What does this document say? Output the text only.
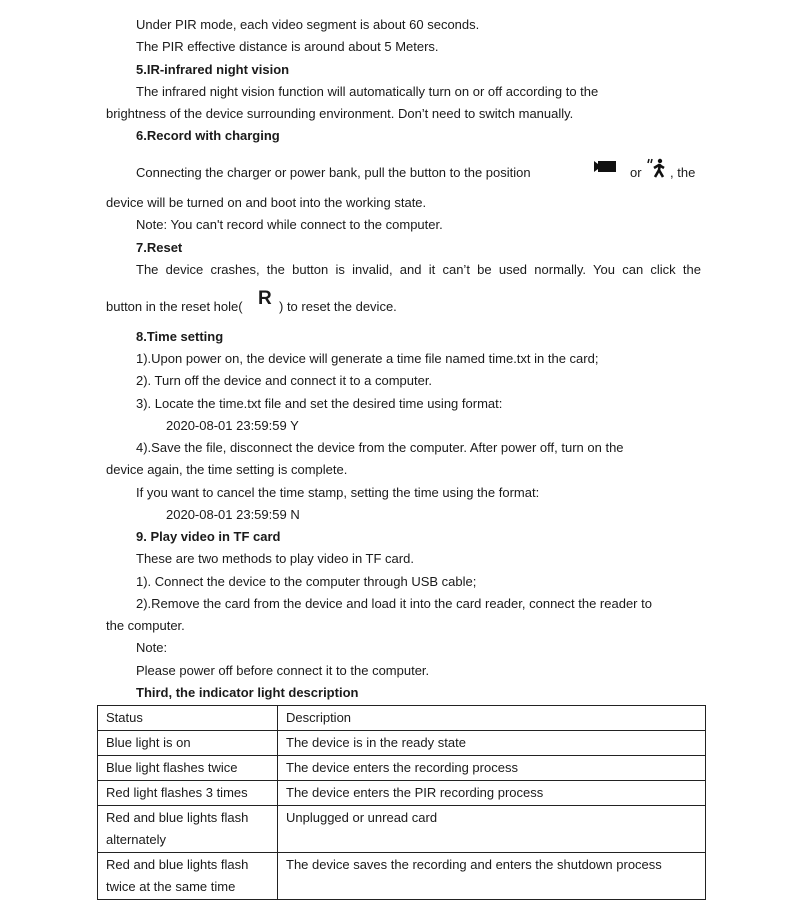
Under PIR mode, each video segment is about 60 seconds.
The PIR effective distance is around about 5 Meters.
5.IR-infrared night vision
The infrared night vision function will automatically turn on or off according to the
brightness of the device surrounding environment. Don’t need to switch manually.
6.Record with charging
Connecting the charger or power bank, pull the button to the position	or , the
device will be turned on and boot into the working state.
Note: You can't record while connect to the computer.
7.Reset
The device crashes, the button is invalid, and it can’t be used normally. You can click the
button in the reset hole( R ) to reset the device.
8.Time setting
1).Upon power on, the device will generate a time file named time.txt in the card;
2). Turn off the device and connect it to a computer.
3). Locate the time.txt file and set the desired time using format:
2020-08-01 23:59:59 Y
4).Save the file, disconnect the device from the computer. After power off, turn on the
device again, the time setting is complete.
If you want to cancel the time stamp, setting the time using the format:
2020-08-01 23:59:59 N
9. Play video in TF card
These are two methods to play video in TF card.
1). Connect the device to the computer through USB cable;
2).Remove the card from the device and load it into the card reader, connect the reader to
the computer.
Note:
Please power off before connect it to the computer.
Third, the indicator light description
Status	Description
Blue light is on	The device is in the ready state
Blue light flashes twice	The device enters the recording process
Red light flashes 3 times	The device enters the PIR recording process
Red and blue lights flash alternately	Unplugged or unread card
Red and blue lights flash twice at the same time	The device saves the recording and enters the shutdown process
